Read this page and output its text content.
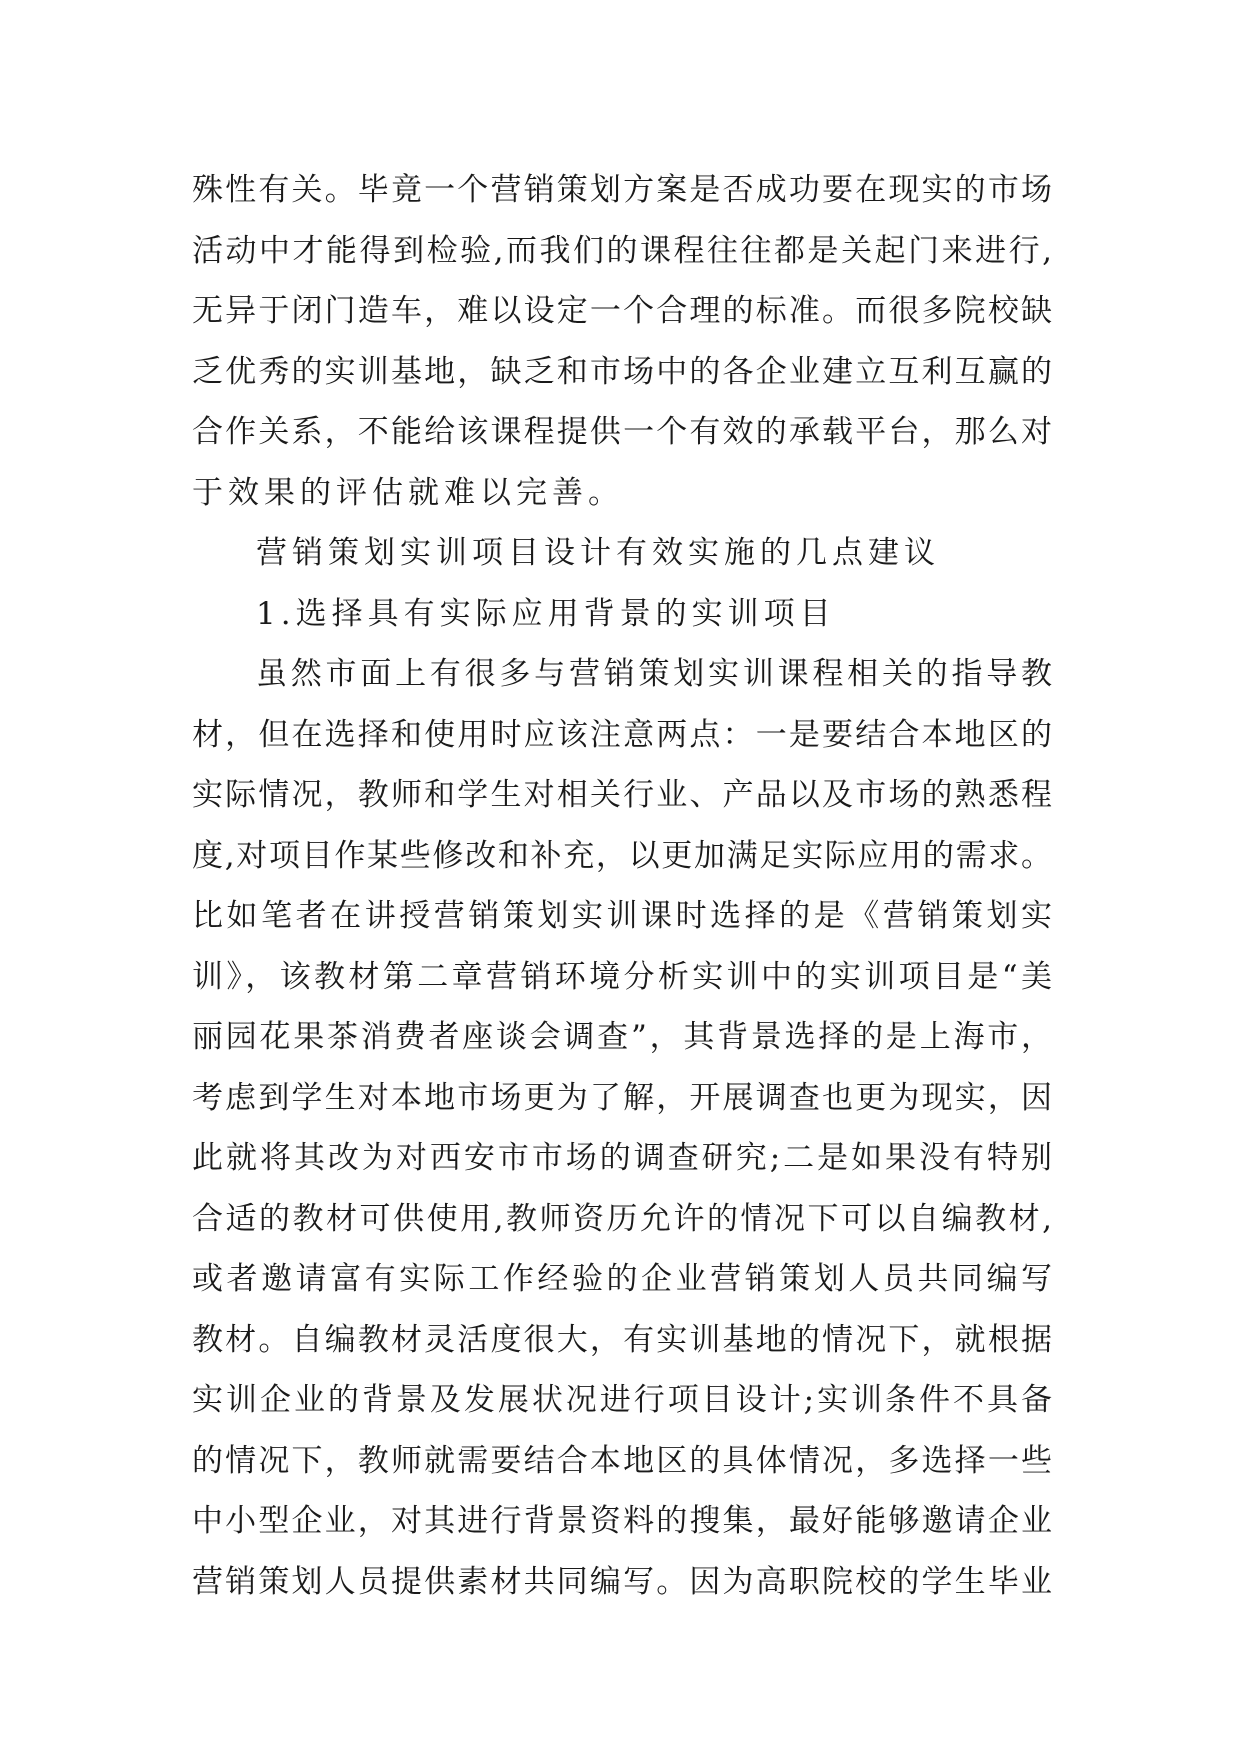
殊性有关。毕竟一个营销策划方案是否成功要在现实的市场
活动中才能得到检验,而我们的课程往往都是关起门来进行,
无异于闭门造车，难以设定一个合理的标准。而很多院校缺
乏优秀的实训基地，缺乏和市场中的各企业建立互利互赢的
合作关系，不能给该课程提供一个有效的承载平台，那么对
于效果的评估就难以完善。
营销策划实训项目设计有效实施的几点建议
1.选择具有实际应用背景的实训项目
虽然市面上有很多与营销策划实训课程相关的指导教
材，但在选择和使用时应该注意两点：一是要结合本地区的
实际情况，教师和学生对相关行业、产品以及市场的熟悉程
度,对项目作某些修改和补充，以更加满足实际应用的需求。
比如笔者在讲授营销策划实训课时选择的是《营销策划实
训》，该教材第二章营销环境分析实训中的实训项目是“美
丽园花果茶消费者座谈会调查”，其背景选择的是上海市，
考虑到学生对本地市场更为了解，开展调查也更为现实，因
此就将其改为对西安市市场的调查研究;二是如果没有特别
合适的教材可供使用,教师资历允许的情况下可以自编教材,
或者邀请富有实际工作经验的企业营销策划人员共同编写
教材。自编教材灵活度很大，有实训基地的情况下，就根据
实训企业的背景及发展状况进行项目设计;实训条件不具备
的情况下，教师就需要结合本地区的具体情况，多选择一些
中小型企业，对其进行背景资料的搜集，最好能够邀请企业
营销策划人员提供素材共同编写。因为高职院校的学生毕业
